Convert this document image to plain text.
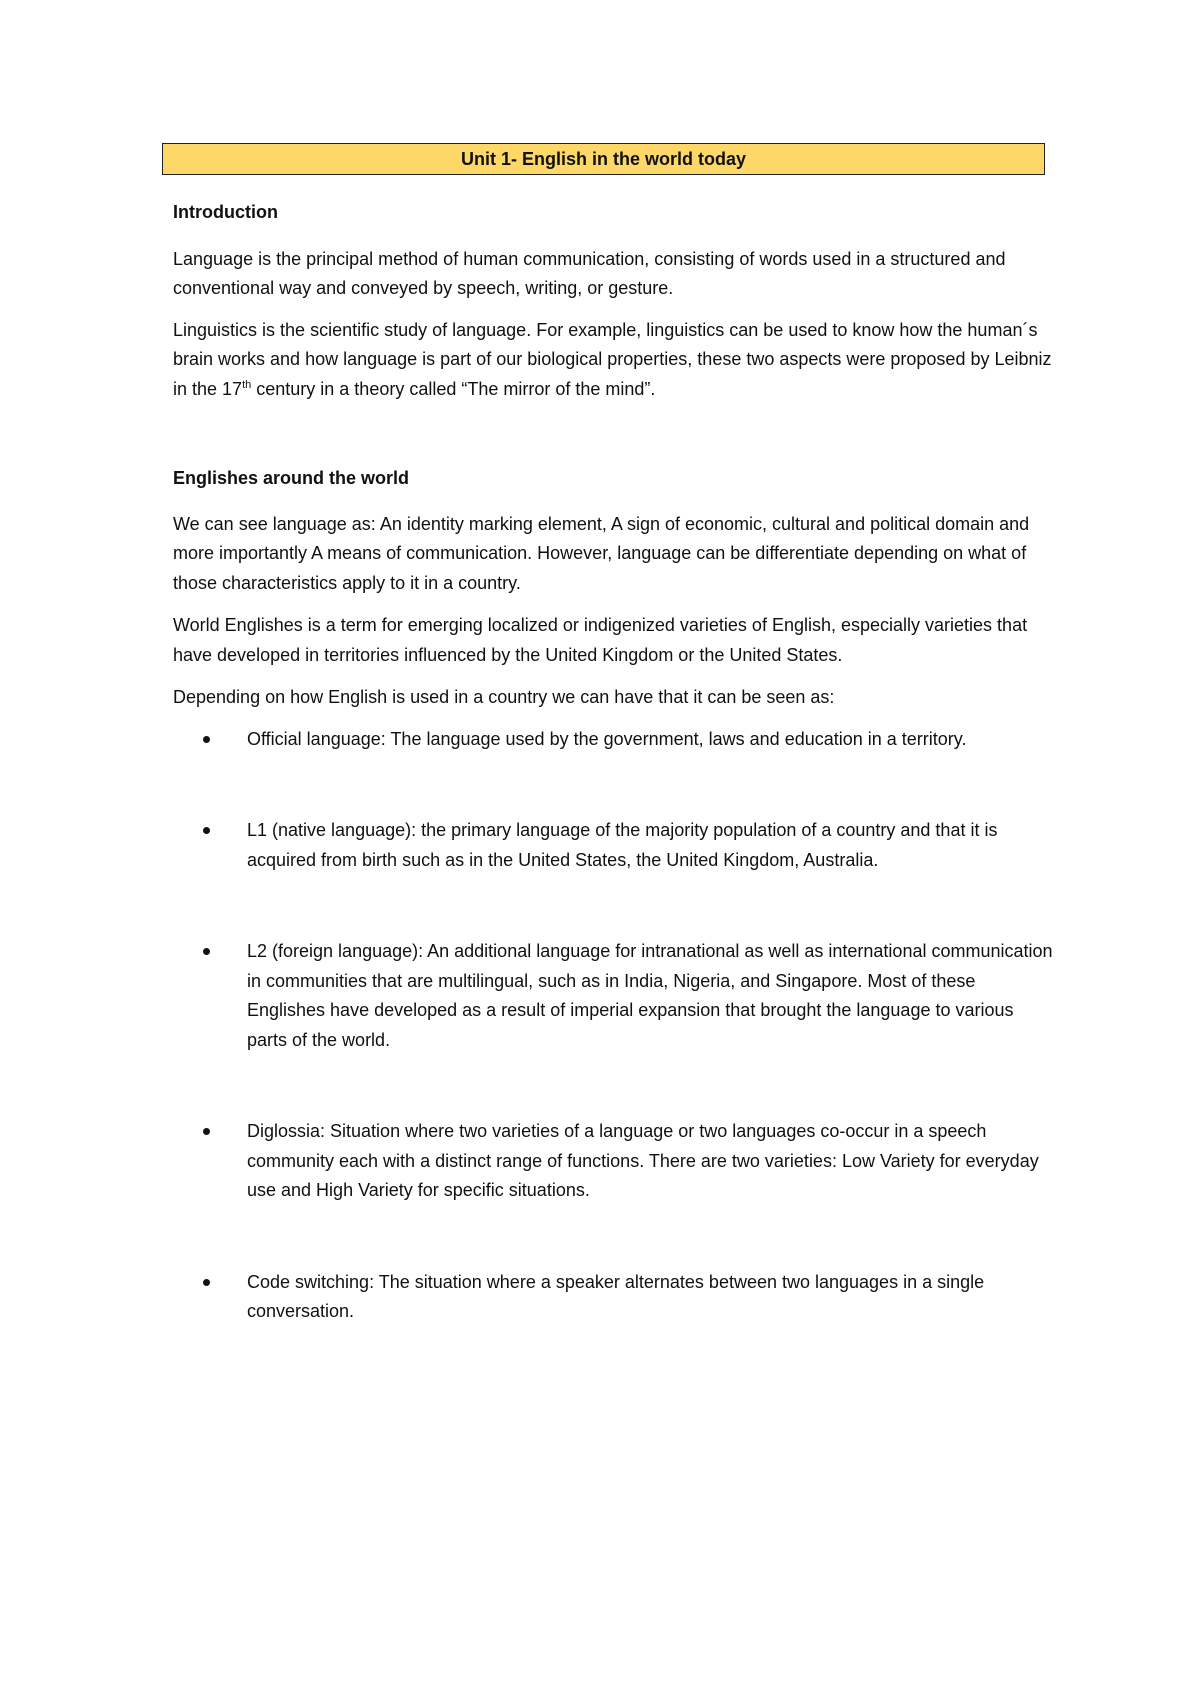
Unit 1- English in the world today

Introduction

Language is the principal method of human communication, consisting of words used in a structured and conventional way and conveyed by speech, writing, or gesture.

Linguistics is the scientific study of language. For example, linguistics can be used to know how the human´s brain works and how language is part of our biological properties, these two aspects were proposed by Leibniz in the 17th century in a theory called “The mirror of the mind”.

Englishes around the world

We can see language as: An identity marking element, A sign of economic, cultural and political domain and more importantly A means of communication. However, language can be differentiate depending on what of those characteristics apply to it in a country.

World Englishes is a term for emerging localized or indigenized varieties of English, especially varieties that have developed in territories influenced by the United Kingdom or the United States.

Depending on how English is used in a country we can have that it can be seen as:

Official language: The language used by the government, laws and education in a territory.
L1 (native language): the primary language of the majority population of a country and that it is acquired from birth such as in the United States, the United Kingdom, Australia.
L2 (foreign language): An additional language for intranational as well as international communication in communities that are multilingual, such as in India, Nigeria, and Singapore. Most of these Englishes have developed as a result of imperial expansion that brought the language to various parts of the world.
Diglossia: Situation where two varieties of a language or two languages co-occur in a speech community each with a distinct range of functions. There are two varieties: Low Variety for everyday use and High Variety for specific situations.
Code switching: The situation where a speaker alternates between two languages in a single conversation.
